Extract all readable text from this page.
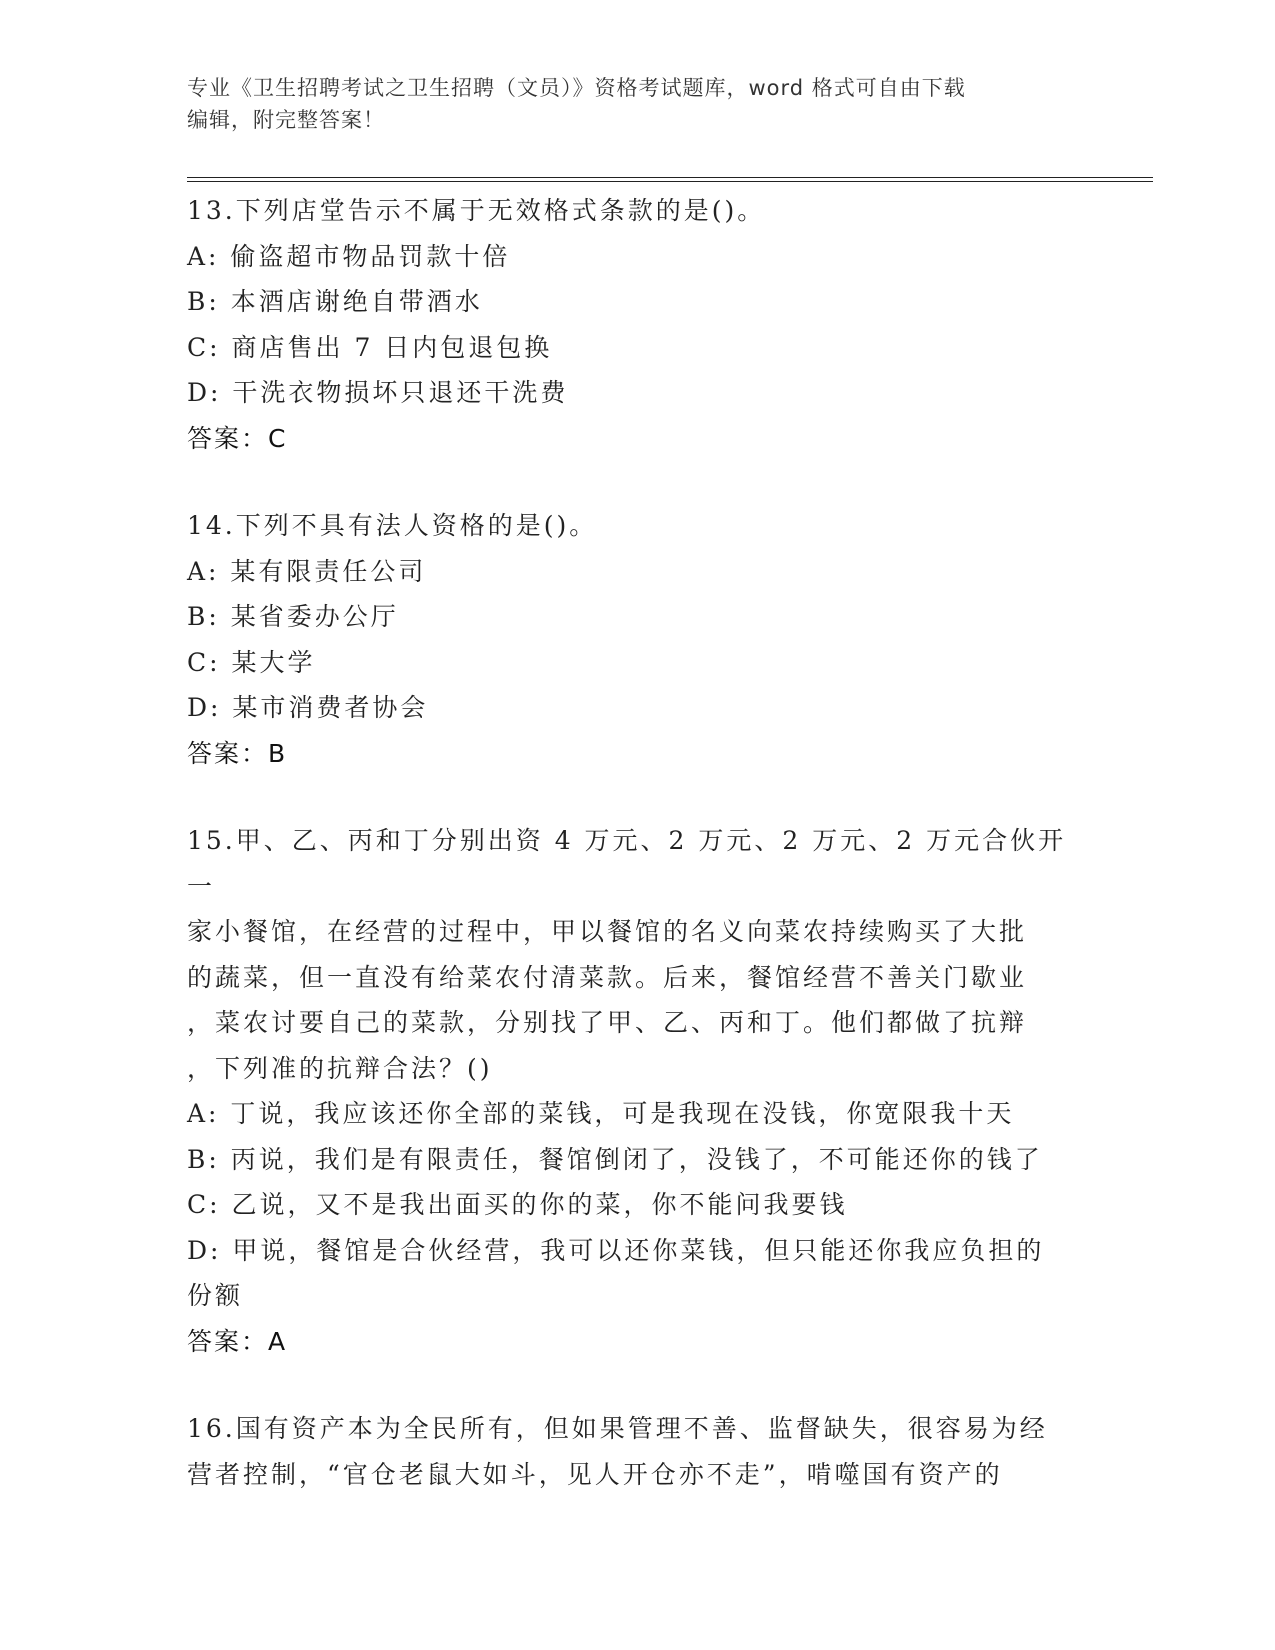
专业《卫生招聘考试之卫生招聘（文员）》资格考试题库，word 格式可自由下载
编辑，附完整答案！
13.下列店堂告示不属于无效格式条款的是()。
A: 偷盗超市物品罚款十倍
B: 本酒店谢绝自带酒水
C: 商店售出 7 日内包退包换
D: 干洗衣物损坏只退还干洗费
答案：C
14.下列不具有法人资格的是()。
A: 某有限责任公司
B: 某省委办公厅
C: 某大学
D: 某市消费者协会
答案：B
15.甲、乙、丙和丁分别出资 4 万元、2 万元、2 万元、2 万元合伙开一
家小餐馆，在经营的过程中，甲以餐馆的名义向菜农持续购买了大批
的蔬菜，但一直没有给菜农付清菜款。后来，餐馆经营不善关门歇业
，菜农讨要自己的菜款，分别找了甲、乙、丙和丁。他们都做了抗辩
，下列准的抗辩合法？()
A: 丁说，我应该还你全部的菜钱，可是我现在没钱，你宽限我十天
B: 丙说，我们是有限责任，餐馆倒闭了，没钱了，不可能还你的钱了
C: 乙说，又不是我出面买的你的菜，你不能问我要钱
D: 甲说，餐馆是合伙经营，我可以还你菜钱，但只能还你我应负担的
份额
答案：A
16.国有资产本为全民所有，但如果管理不善、监督缺失，很容易为经
营者控制，“官仓老鼠大如斗，见人开仓亦不走”，啃噬国有资产的
